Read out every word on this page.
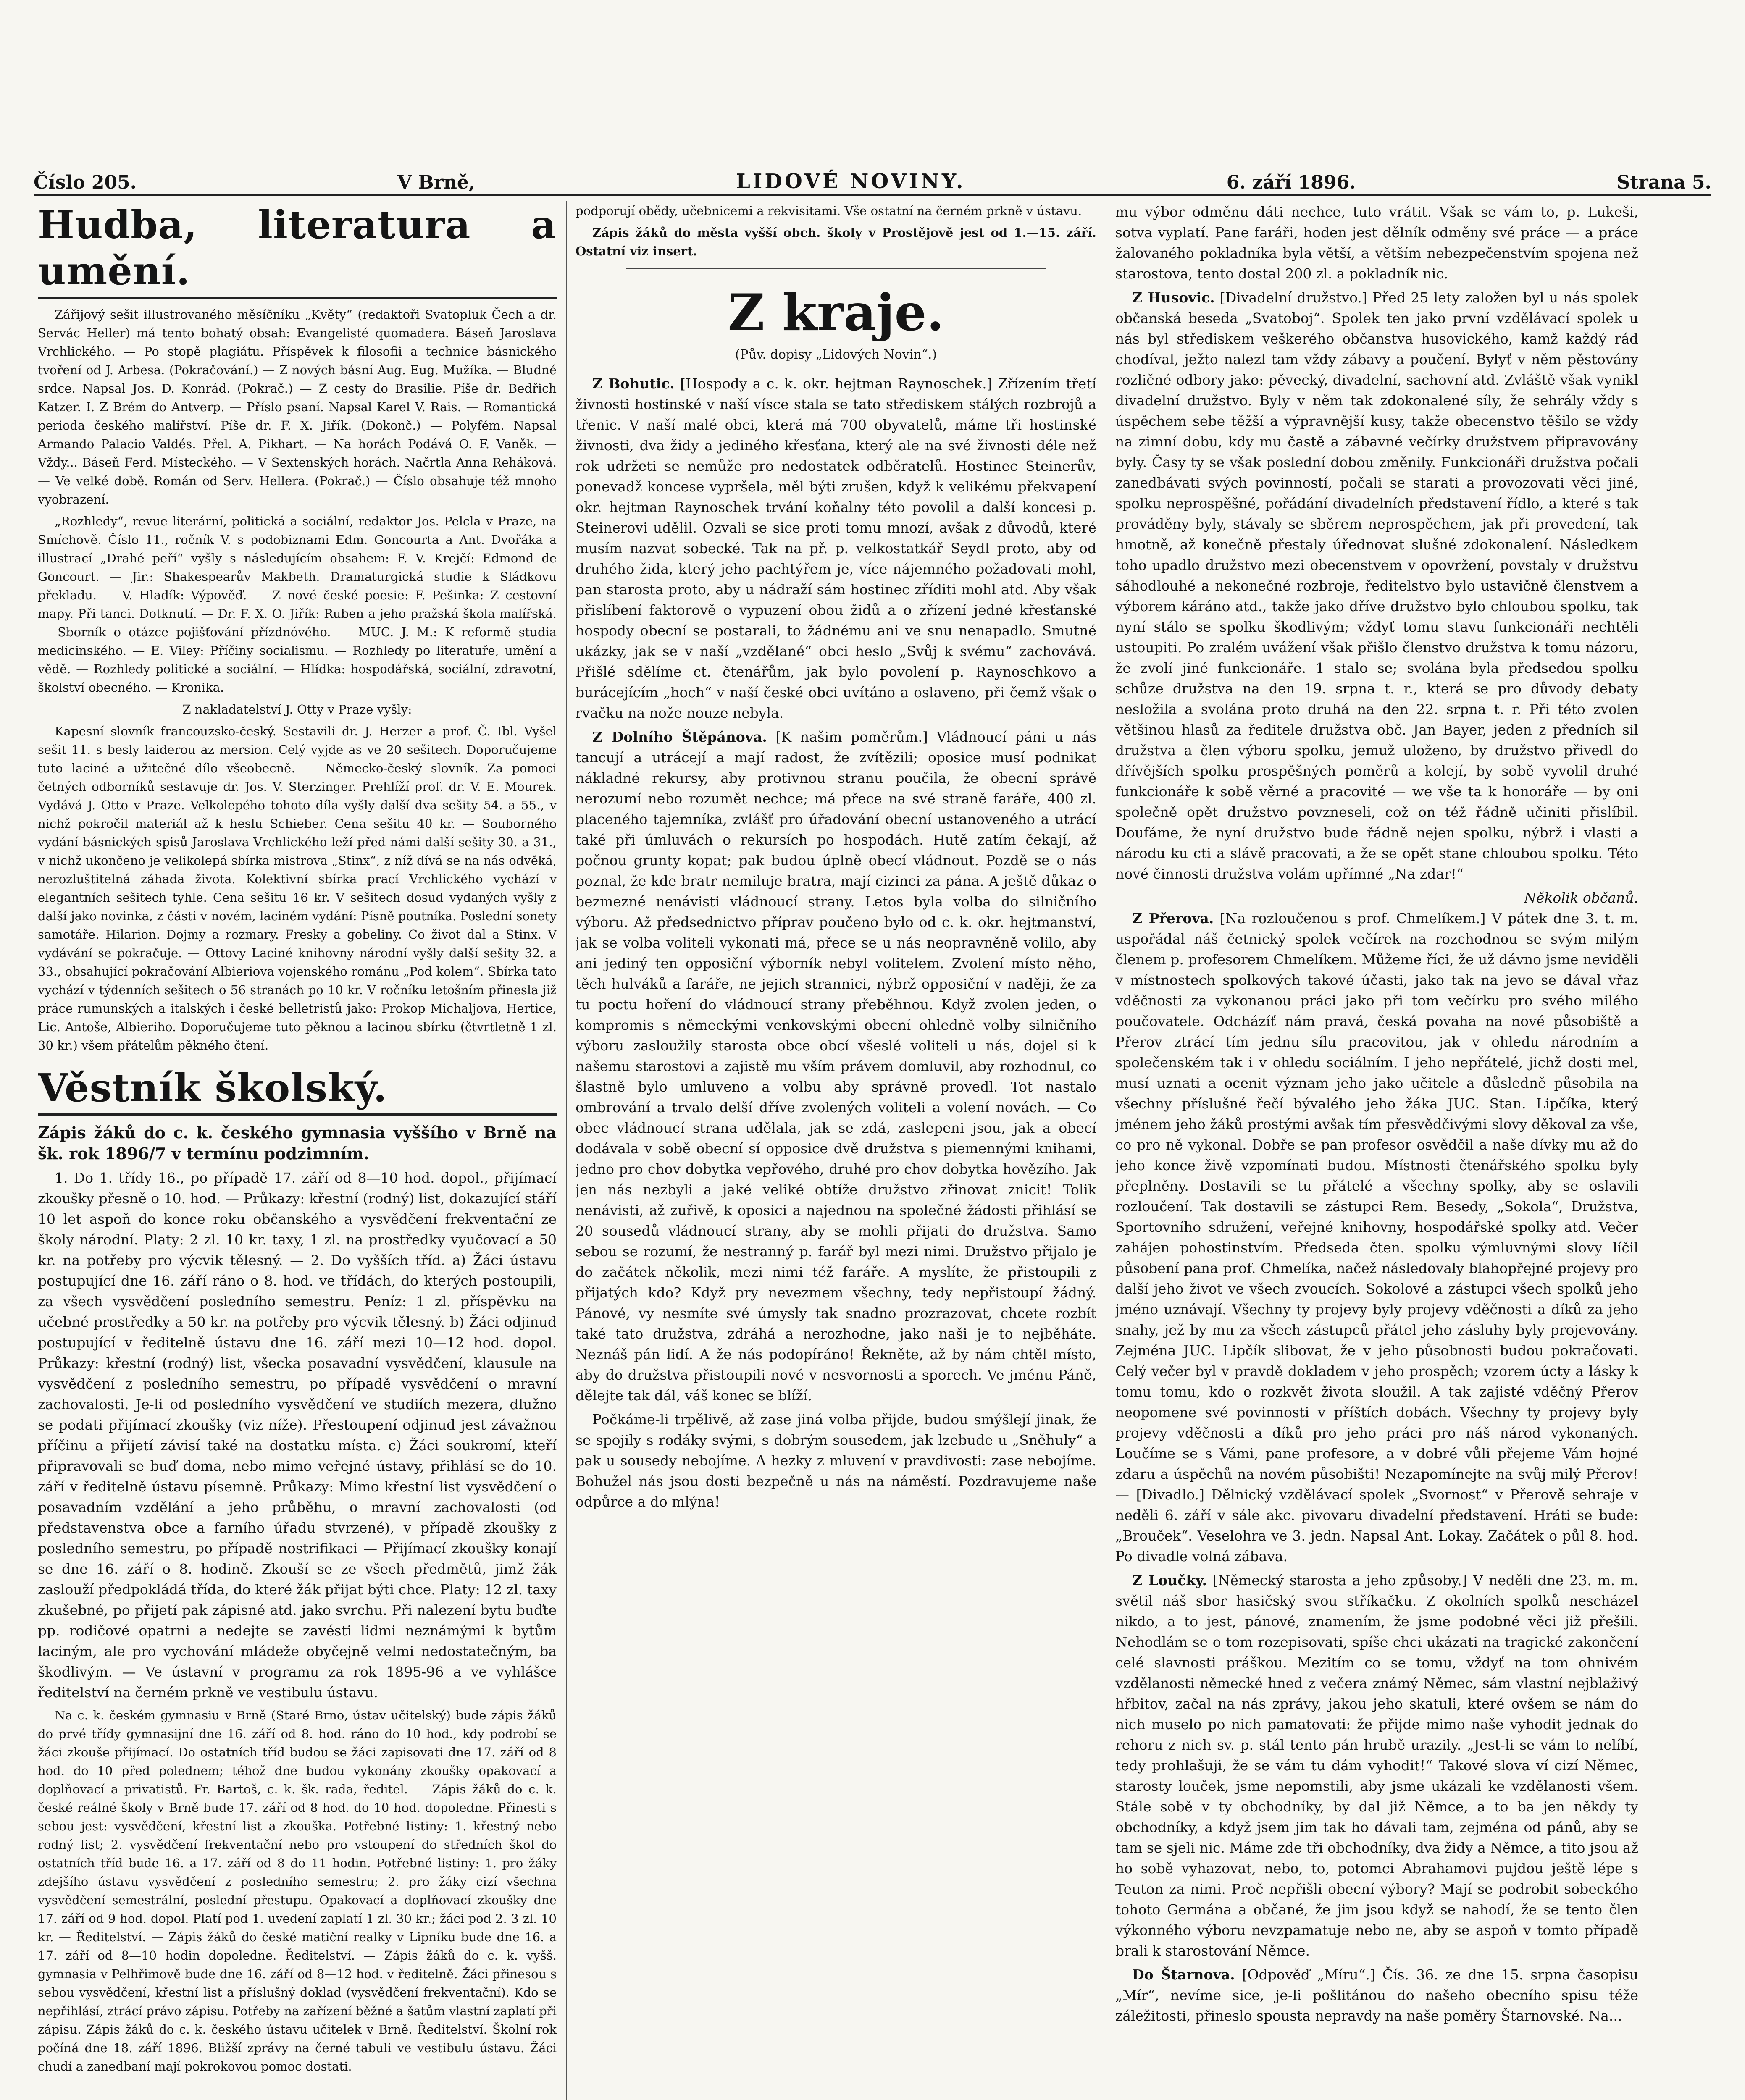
Číslo 205.	V Brně,	LIDOVÉ NOVINY.	6. září 1896.	Strana 5.
Hudba, literatura a umění.

Zářijový sešit illustrovaného měsíčníku „Květy“ (redaktoři Svatopluk Čech a dr. Servác Heller) má tento bohatý obsah: Evangelisté quomadera. Báseň Jaroslava Vrchlického. — Po stopě plagiátu. Příspěvek k filosofii a technice básnického tvoření od J. Arbesa. (Pokračování.) — Z nových básní Aug. Eug. Mužíka. — Bludné srdce. Napsal Jos. D. Konrád. (Pokrač.) — Z cesty do Brasilie. Píše dr. Bedřich Katzer. I. Z Brém do Antverp. — Příslo psaní. Napsal Karel V. Rais. — Romantická perioda českého malířství. Píše dr. F. X. Jiřík. (Dokonč.) — Polyfém. Napsal Armando Palacio Valdés. Přel. A. Pikhart. — Na horách Podává O. F. Vaněk. — Vždy... Báseň Ferd. Místeckého. — V Sextenských horách. Načrtla Anna Reháková. — Ve velké době. Román od Serv. Hellera. (Pokrač.) — Číslo obsahuje též mnoho vyobrazení.

„Rozhledy“, revue literární, politická a sociální, redaktor Jos. Pelcla v Praze, na Smíchově. Číslo 11., ročník V. s podobiznami Edm. Goncourta a Ant. Dvořáka a illustrací „Drahé peří“ vyšly s následujícím obsahem: F. V. Krejčí: Edmond de Goncourt. — Jir.: Shakespearův Makbeth. Dramaturgická studie k Sládkovu překladu. — V. Hladík: Výpověď. — Z nové české poesie: F. Pešinka: Z cestovní mapy. Při tanci. Dotknutí. — Dr. F. X. O. Jiřík: Ruben a jeho pražská škola malířská. — Sborník o otázce pojišťování přízdnóvého. — MUC. J. M.: K reformě studia medicinského. — E. Viley: Příčiny socialismu. — Rozhledy po literatuře, umění a vědě. — Rozhledy politické a sociální. — Hlídka: hospodářská, sociální, zdravotní, školství obecného. — Kronika.

Z nakladatelství J. Otty v Praze vyšly:

Kapesní slovník francouzsko-český. Sestavili dr. J. Herzer a prof. Č. Ibl. Vyšel sešit 11. s besly laiderou az mersion. Celý vyjde as ve 20 sešitech. Doporučujeme tuto laciné a užitečné dílo všeobecně. — Německo-český slovník. Za pomoci četných odborníků sestavuje dr. Jos. V. Sterzinger. Prehlíží prof. dr. V. E. Mourek. Vydává J. Otto v Praze. Velkolepého tohoto díla vyšly další dva sešity 54. a 55., v nichž pokročil materiál až k heslu Schieber. Cena sešitu 40 kr. — Souborného vydání básnických spisů Jaroslava Vrchlického leží před námi další sešity 30. a 31., v nichž ukončeno je velikolepá sbírka mistrova „Stinx“, z níž dívá se na nás odvěká, nerozluštitelná záhada života. Kolektivní sbírka prací Vrchlického vychází v elegantních sešitech tyhle. Cena sešitu 16 kr. V sešitech dosud vydaných vyšly z další jako novinka, z části v novém, laciném vydání: Písně poutníka. Poslední sonety samotáře. Hilarion. Dojmy a rozmary. Fresky a gobeliny. Co život dal a Stinx. V vydávání se pokračuje. — Ottovy Laciné knihovny národní vyšly další sešity 32. a 33., obsahující pokračování Albieriova vojenského románu „Pod kolem“. Sbírka tato vychází v týdenních sešitech o 56 stranách po 10 kr. V ročníku letošním přinesla již práce rumunských a italských i české belletristů jako: Prokop Michaljova, Hertice, Lic. Antoše, Albieriho. Doporučujeme tuto pěknou a lacinou sbírku (čtvrtletně 1 zl. 30 kr.) všem přátelům pěkného čtení.

Věstník školský.

Zápis žáků do c. k. českého gymnasia vyššího v Brně na šk. rok 1896/7 v termínu podzimním.

1. Do 1. třídy 16., po případě 17. září od 8—10 hod. dopol., přijímací zkoušky přesně o 10. hod. — Průkazy: křestní (rodný) list, dokazující stáří 10 let aspoň do konce roku občanského a vysvědčení frekventační ze školy národní. Platy: 2 zl. 10 kr. taxy, 1 zl. na prostředky vyučovací a 50 kr. na potřeby pro výcvik tělesný. — 2. Do vyšších tříd. a) Žáci ústavu postupující dne 16. září ráno o 8. hod. ve třídách, do kterých postoupili, za všech vysvědčení posledního semestru. Peníz: 1 zl. příspěvku na učebné prostředky a 50 kr. na potřeby pro výcvik tělesný. b) Žáci odjinud postupující v ředitelně ústavu dne 16. září mezi 10—12 hod. dopol. Průkazy: křestní (rodný) list, všecka posavadní vysvědčení, klausule na vysvědčení z posledního semestru, po případě vysvědčení o mravní zachovalosti. Je-li od posledního vysvědčení ve studiích mezera, dlužno se podati přijímací zkoušky (viz níže). Přestoupení odjinud jest závažnou příčinu a přijetí závisí také na dostatku místa. c) Žáci soukromí, kteří připravovali se buď doma, nebo mimo veřejné ústavy, přihlásí se do 10. září v ředitelně ústavu písemně. Průkazy: Mimo křestní list vysvědčení o posavadním vzdělání a jeho průběhu, o mravní zachovalosti (od představenstva obce a farního úřadu stvrzené), v případě zkoušky z posledního semestru, po případě nostrifikaci — Přijímací zkoušky konají se dne 16. září o 8. hodině. Zkouší se ze všech předmětů, jimž žák zaslouží předpokládá třída, do které žák přijat býti chce. Platy: 12 zl. taxy zkušebné, po přijetí pak zápisné atd. jako svrchu. Při nalezení bytu buďte pp. rodičové opatrni a nedejte se zavésti lidmi neznámými k bytům laciným, ale pro vychování mládeže obyčejně velmi nedostatečným, ba škodlivým. — Ve ústavní v programu za rok 1895-96 a ve vyhlášce ředitelství na černém prkně ve vestibulu ústavu.

Na c. k. českém gymnasiu v Brně (Staré Brno, ústav učitelský) bude zápis žáků do prvé třídy gymnasijní dne 16. září od 8. hod. ráno do 10 hod., kdy podrobí se žáci zkouše přijímací. Do ostatních tříd budou se žáci zapisovati dne 17. září od 8 hod. do 10 před polednem; téhož dne budou vykonány zkoušky opakovací a doplňovací a privatistů. Fr. Bartoš, c. k. šk. rada, ředitel. — Zápis žáků do c. k. české reálné školy v Brně bude 17. září od 8 hod. do 10 hod. dopoledne. Přinesti s sebou jest: vysvědčení, křestní list a zkouška. Potřebné listiny: 1. křestný nebo rodný list; 2. vysvědčení frekventační nebo pro vstoupení do středních škol do ostatních tříd bude 16. a 17. září od 8 do 11 hodin. Potřebné listiny: 1. pro žáky zdejšího ústavu vysvědčení z posledního semestru; 2. pro žáky cizí všechna vysvědčení semestrální, poslední přestupu. Opakovací a doplňovací zkoušky dne 17. září od 9 hod. dopol. Platí pod 1. uvedení zaplatí 1 zl. 30 kr.; žáci pod 2. 3 zl. 10 kr. — Ředitelství. — Zápis žáků do české matiční realky v Lipníku bude dne 16. a 17. září od 8—10 hodin dopoledne. Ředitelství. — Zápis žáků do c. k. vyšš. gymnasia v Pelhřimově bude dne 16. září od 8—12 hod. v ředitelně. Žáci přinesou s sebou vysvědčení, křestní list a příslušný doklad (vysvědčení frekventační). Kdo se nepřihlásí, ztrácí právo zápisu. Potřeby na zařízení běžné a šatům vlastní zaplatí při zápisu. Zápis žáků do c. k. českého ústavu učitelek v Brně. Ředitelství. Školní rok počíná dne 18. září 1896. Bližší zprávy na černé tabuli ve vestibulu ústavu. Žáci chudí a zanedbaní mají pokrokovou pomoc dostati.

podporují obědy, učebnicemi a rekvisitami. Vše ostatní na černém prkně v ústavu.

Zápis žáků do města vyšší obch. školy v Prostějově jest od 1.—15. září. Ostatní viz insert.

Z kraje.
(Pův. dopisy „Lidových Novin“.)

Z Bohutic. [Hospody a c. k. okr. hejtman Raynoschek.] Zřízením třetí živnosti hostinské v naší vísce stala se tato střediskem stálých rozbrojů a třenic. V naší malé obci, která má 700 obyvatelů, máme tři hostinské živnosti, dva židy a jediného křesťana, který ale na své živnosti déle než rok udržeti se nemůže pro nedostatek odběratelů. Hostinec Steinerův, ponevadž koncese vypršela, měl býti zrušen, když k velikému překvapení okr. hejtman Raynoschek trvání koňalny této povolil a další koncesi p. Steinerovi udělil. Ozvali se sice proti tomu mnozí, avšak z důvodů, které musím nazvat sobecké. Tak na př. p. velkostatkář Seydl proto, aby od druhého žida, který jeho pachtýřem je, více nájemného požadovati mohl, pan starosta proto, aby u nádraží sám hostinec zříditi mohl atd. Aby však přislíbení faktorově o vypuzení obou židů a o zřízení jedné křesťanské hospody obecní se postarali, to žádnému ani ve snu nenapadlo. Smutné ukázky, jak se v naší „vzdělané“ obci heslo „Svůj k svému“ zachovává. Přišlé sdělíme ct. čtenářům, jak bylo povolení p. Raynoschkovo a burácejícím „hoch“ v naší české obci uvítáno a oslaveno, při čemž však o rvačku na nože nouze nebyla.

Z Dolního Štěpánova. [K našim poměrům.] Vládnoucí páni u nás tancují a utrácejí a mají radost, že zvítězili; oposice musí podnikat nákladné rekursy, aby protivnou stranu poučila, že obecní správě nerozumí nebo rozumět nechce; má přece na své straně faráře, 400 zl. placeného tajemníka, zvlášť pro úřadování obecní ustanoveného a utrácí také při úmluvách o rekursích po hospodách. Hutě zatím čekají, až počnou grunty kopat; pak budou úplně obecí vládnout. Pozdě se o nás poznal, že kde bratr nemiluje bratra, mají cizinci za pána. A ještě důkaz o bezmezné nenávisti vládnoucí strany. Letos byla volba do silničního výboru. Až předsednictvo příprav poučeno bylo od c. k. okr. hejtmanství, jak se volba voliteli vykonati má, přece se u nás neopravněně volilo, aby ani jediný ten opposiční výborník nebyl volitelem. Zvolení místo něho, těch hulváků a faráře, ne jejich strannici, nýbrž opposiční v naději, že za tu poctu hoření do vládnoucí strany přeběhnou. Když zvolen jeden, o kompromis s německými venkovskými obecní ohledně volby silničního výboru zasloužily starosta obce obcí všeslé voliteli u nás, dojel si k našemu starostovi a zajistě mu vším právem domluvil, aby rozhodnul, co šlastně bylo umluveno a volbu aby správně provedl. Tot nastalo ombrování a trvalo delší dříve zvolených voliteli a volení novách. — Co obec vládnoucí strana udělala, jak se zdá, zaslepeni jsou, jak a obecí dodávala v sobě obecní sí opposice dvě družstva s piemennými knihami, jedno pro chov dobytka vepřového, druhé pro chov dobytka hovězího. Jak jen nás nezbyli a jaké veliké obtíže družstvo zřinovat znicit! Tolik nenávisti, až zuřivě, k oposici a najednou na společné žádosti přihlásí se 20 sousedů vládnoucí strany, aby se mohli přijati do družstva. Samo sebou se rozumí, že nestranný p. farář byl mezi nimi. Družstvo přijalo je do začátek několik, mezi nimi též faráře. A myslíte, že přistoupili z přijatých kdo? Když pry nevezmem všechny, tedy nepřistoupí žádný. Pánové, vy nesmíte své úmysly tak snadno prozrazovat, chcete rozbít také tato družstva, zdráhá a nerozhodne, jako naši je to nejběháte. Neznáš pán lidí. A že nás podopíráno! Řekněte, až by nám chtěl místo, aby do družstva přistoupili nové v nesvornosti a sporech. Ve jménu Páně, dělejte tak dál, váš konec se blíží.

Počkáme-li trpělivě, až zase jiná volba přijde, budou smýšlejí jinak, že se spojily s rodáky svými, s dobrým sousedem, jak lzebude u „Sněhuly“ a pak u sousedy nebojíme. A hezky z mluvení v pravdivosti: zase nebojíme. Bohužel nás jsou dosti bezpečně u nás na náměstí. Pozdravujeme naše odpůrce a do mlýna!

mu výbor odměnu dáti nechce, tuto vrátit. Však se vám to, p. Lukeši, sotva vyplatí. Pane faráři, hoden jest dělník odměny své práce — a práce žalovaného pokladníka byla větší, a větším nebezpečenstvím spojena než starostova, tento dostal 200 zl. a pokladník nic.

Z Husovic. [Divadelní družstvo.] Před 25 lety založen byl u nás spolek občanská beseda „Svatoboj“. Spolek ten jako první vzdělávací spolek u nás byl střediskem veškerého občanstva husovického, kamž každý rád chodíval, ježto nalezl tam vždy zábavy a poučení. Bylyť v něm pěstovány rozličné odbory jako: pěvecký, divadelní, sachovní atd. Zvláště však vynikl divadelní družstvo. Byly v něm tak zdokonalené síly, že sehrály vždy s úspěchem sebe těžší a výpravnější kusy, takže obecenstvo těšilo se vždy na zimní dobu, kdy mu častě a zábavné večírky družstvem připravovány byly. Časy ty se však poslední dobou změnily. Funkcionáři družstva počali zanedbávati svých povinností, počali se starati a provozovati věci jiné, spolku neprospěšné, pořádání divadelních představení řídlo, a které s tak prováděny byly, stávaly se sběrem neprospěchem, jak při provedení, tak hmotně, až konečně přestaly úřednovat slušné zdokonalení. Následkem toho upadlo družstvo mezi obecenstvem v opovržení, povstaly v družstvu sáhodlouhé a nekonečné rozbroje, ředitelstvo bylo ustavičně členstvem a výborem káráno atd., takže jako dříve družstvo bylo chloubou spolku, tak nyní stálo se spolku škodlivým; vždyť tomu stavu funkcionáři nechtěli ustoupiti. Po zralém uvážení však přišlo členstvo družstva k tomu názoru, že zvolí jiné funkcionáře. 1 stalo se; svolána byla předsedou spolku schůze družstva na den 19. srpna t. r., která se pro důvody debaty nesložila a svolána proto druhá na den 22. srpna t. r. Při této zvolen většinou hlasů za ředitele družstva obč. Jan Bayer, jeden z předních sil družstva a člen výboru spolku, jemuž uloženo, by družstvo přivedl do dřívějších spolku prospěšných poměrů a kolejí, by sobě vyvolil druhé funkcionáře k sobě věrné a pracovité — we vše ta k honoráře — by oni společně opět družstvo povzneseli, což on též řádně učiniti přislíbil. Doufáme, že nyní družstvo bude řádně nejen spolku, nýbrž i vlasti a národu ku cti a slávě pracovati, a že se opět stane chloubou spolku. Této nové činnosti družstva volám upřímné „Na zdar!“

Několik občanů.

Z Přerova. [Na rozloučenou s prof. Chmelíkem.] V pátek dne 3. t. m. uspořádal náš četnický spolek večírek na rozchodnou se svým milým členem p. profesorem Chmelíkem. Můžeme říci, že už dávno jsme neviděli v místnostech spolkových takové účasti, jako tak na jevo se dával vřaz vděčnosti za vykonanou práci jako při tom večírku pro svého milého poučovatele. Odcházíť nám pravá, česká povaha na nové působiště a Přerov ztrácí tím jednu sílu pracovitou, jak v ohledu národním a společenském tak i v ohledu sociálním. I jeho nepřátelé, jichž dosti mel, musí uznati a ocenit význam jeho jako učitele a důsledně působila na všechny příslušné řečí bývalého jeho žáka JUC. Stan. Lipčíka, který jménem jeho žáků prostými avšak tím přesvědčivými slovy děkoval za vše, co pro ně vykonal. Dobře se pan profesor osvědčil a naše dívky mu až do jeho konce živě vzpomínati budou. Místnosti čtenářského spolku byly přeplněny. Dostavili se tu přátelé a všechny spolky, aby se oslavili rozloučení. Tak dostavili se zástupci Rem. Besedy, „Sokola“, Družstva, Sportovního sdružení, veřejné knihovny, hospodářské spolky atd. Večer zahájen pohostinstvím. Předseda čten. spolku výmluvnými slovy líčil působení pana prof. Chmelíka, načež následovaly blahopřejné projevy pro další jeho život ve všech zvoucích. Sokolové a zástupci všech spolků jeho jméno uznávají. Všechny ty projevy byly projevy vděčnosti a díků za jeho snahy, jež by mu za všech zástupců přátel jeho zásluhy byly projevovány. Zejména JUC. Lipčík slibovat, že v jeho působnosti budou pokračovati. Celý večer byl v pravdě dokladem v jeho prospěch; vzorem úcty a lásky k tomu tomu, kdo o rozkvět života sloužil. A tak zajisté vděčný Přerov neopomene své povinnosti v příštích dobách. Všechny ty projevy byly projevy vděčnosti a díků pro jeho práci pro náš národ vykonaných. Loučíme se s Vámi, pane profesore, a v dobré vůli přejeme Vám hojné zdaru a úspěchů na novém působišti! Nezapomínejte na svůj milý Přerov! — [Divadlo.] Dělnický vzdělávací spolek „Svornost“ v Přerově sehraje v neděli 6. září v sále akc. pivovaru divadelní představení. Hráti se bude: „Brouček“. Veselohra ve 3. jedn. Napsal Ant. Lokay. Začátek o půl 8. hod. Po divadle volná zábava.

Z Loučky. [Německý starosta a jeho způsoby.] V neděli dne 23. m. m. světil náš sbor hasičský svou stříkačku. Z okolních spolků nescházel nikdo, a to jest, pánové, znamením, že jsme podobné věci již přešili. Nehodlám se o tom rozepisovati, spíše chci ukázati na tragické zakončení celé slavnosti práškou. Mezitím co se tomu, vždyť na tom ohnivém vzdělanosti německé hned z večera známý Němec, sám vlastní nejblaživý hřbitov, začal na nás zprávy, jakou jeho skatuli, které ovšem se nám do nich muselo po nich pamatovati: že přijde mimo naše vyhodit jednak do rehoru z nich sv. p. stál tento pán hrubě urazily. „Jest-li se vám to nelíbí, tedy prohlašuji, že se vám tu dám vyhodit!“ Takové slova ví cizí Němec, starosty louček, jsme nepomstili, aby jsme ukázali ke vzdělanosti všem. Stále sobě v ty obchodníky, by dal již Němce, a to ba jen někdy ty obchodníky, a když jsem jim tak ho dávali tam, zejména od pánů, aby se tam se sjeli nic. Máme zde tři obchodníky, dva židy a Němce, a tito jsou až ho sobě vyhazovat, nebo, to, potomci Abrahamovi pujdou ještě lépe s Teuton za nimi. Proč nepřišli obecní výbory? Mají se podrobit sobeckého tohoto Germána a občané, že jim jsou když se nahodí, že se tento člen výkonného výboru nevzpamatuje nebo ne, aby se aspoň v tomto případě brali k starostování Němce.

Do Štarnova. [Odpověď „Míru“.] Čís. 36. ze dne 15. srpna časopisu „Mír“, nevíme sice, je-li pošlitánou do našeho obecního spisu téže záležitosti, přineslo spousta nepravdy na naše poměry Štarnovské. Na...
